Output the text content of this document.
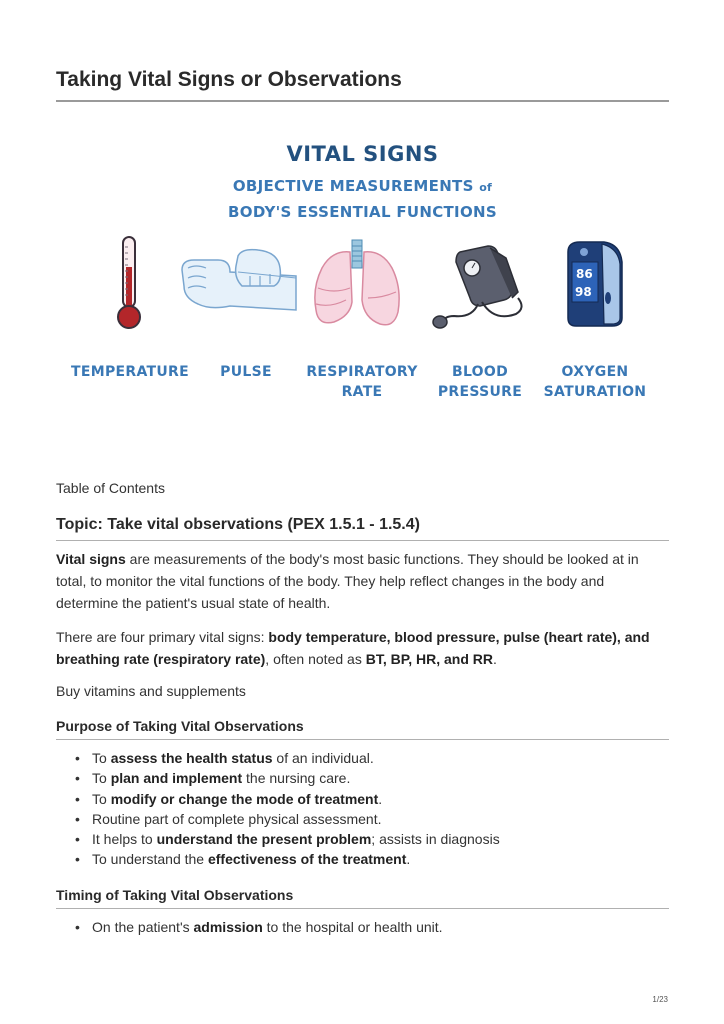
Taking Vital Signs or Observations
VITAL SIGNS
OBJECTIVE MEASUREMENTS of
BODY'S ESSENTIAL FUNCTIONS
86
98
TEMPERATURE	PULSE	RESPIRATORY
RATE
BLOOD
PRESSURE
OXYGEN
SATURATION
Table of Contents
Topic: Take vital observations (PEX 1.5.1 - 1.5.4)

Vital signs are measurements of the body's most basic functions. They should be looked at in total, to monitor the vital functions of the body. They help reflect changes in the body and determine the patient's usual state of health.

There are four primary vital signs: body temperature, blood pressure, pulse (heart rate), and breathing rate (respiratory rate), often noted as BT, BP, HR, and RR.

Buy vitamins and supplements

Purpose of Taking Vital Observations
• To assess the health status of an individual.
• To plan and implement the nursing care.
• To modify or change the mode of treatment.
• Routine part of complete physical assessment.
• It helps to understand the present problem; assists in diagnosis
• To understand the effectiveness of the treatment.
Timing of Taking Vital Observations
• On the patient's admission to the hospital or health unit.
1/23
